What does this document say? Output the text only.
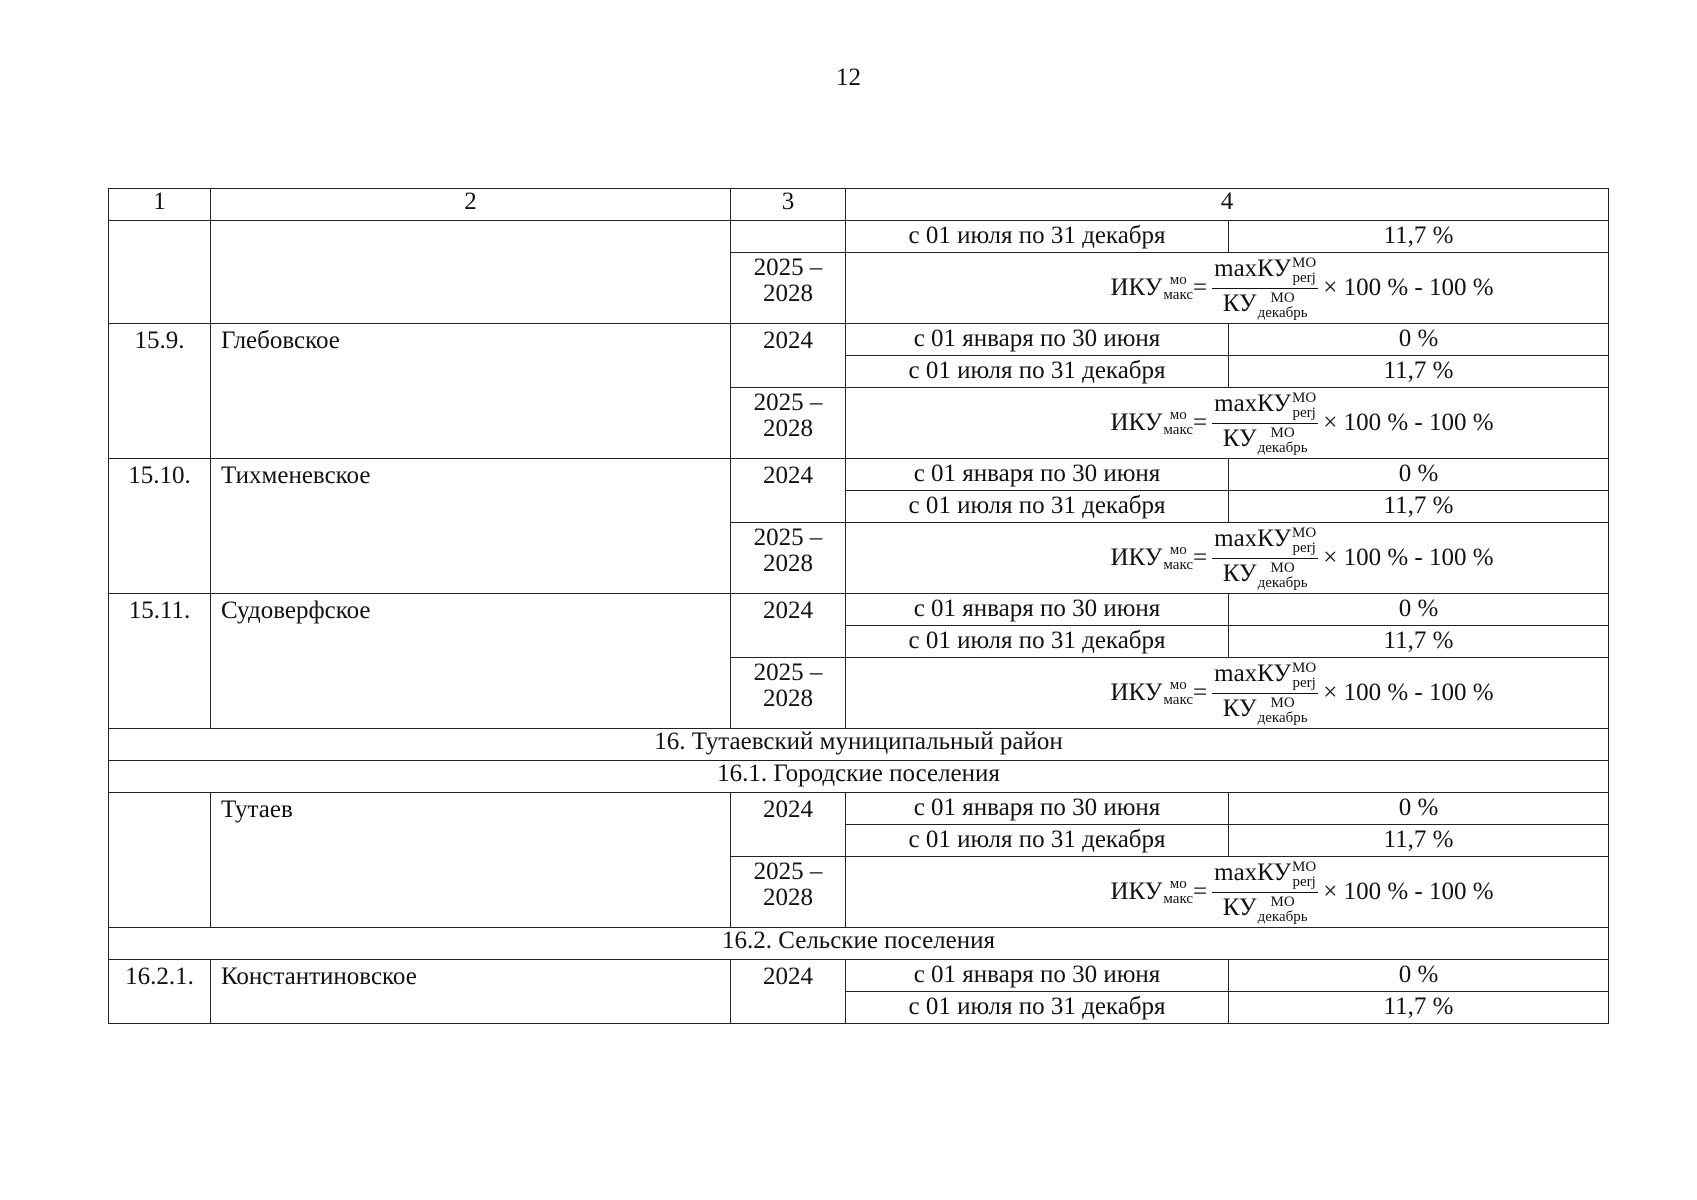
12
1	2	3	4

с 01 июля по 31 декабря	11,7 %

2025 – 2028	ИКУ мо
макс = maxКУ МО
perj
КУ МО
декабрь × 100 % - 100 %

15.9.	Глебовское	2024		с 01 января по 30 июня	0 %
с 01 июля по 31 декабря	11,7 %

2025 – 2028	ИКУ мо
макс = maxКУ МО
perj
КУ МО
декабрь × 100 % - 100 %

15.10.	Тихменевское	2024		с 01 января по 30 июня	0 %
с 01 июля по 31 декабря	11,7 %

2025 – 2028	ИКУ мо
макс = maxКУ МО
perj
КУ МО
декабрь × 100 % - 100 %

15.11.	Судоверфское	2024		с 01 января по 30 июня	0 %
с 01 июля по 31 декабря	11,7 %

2025 – 2028	ИКУ мо
макс = maxКУ МО
perj
КУ МО
декабрь × 100 % - 100 %

16. Тутаевский муниципальный район
16.1. Городские поселения
	Тутаев	2024		с 01 января по 30 июня	0 %
с 01 июля по 31 декабря	11,7 %

2025 – 2028	ИКУ мо
макс = maxКУ МО
perj
КУ МО
декабрь × 100 % - 100 %

16.2. Сельские поселения
16.2.1.	Константиновское	2024		с 01 января по 30 июня	0 %
с 01 июля по 31 декабря	11,7 %
